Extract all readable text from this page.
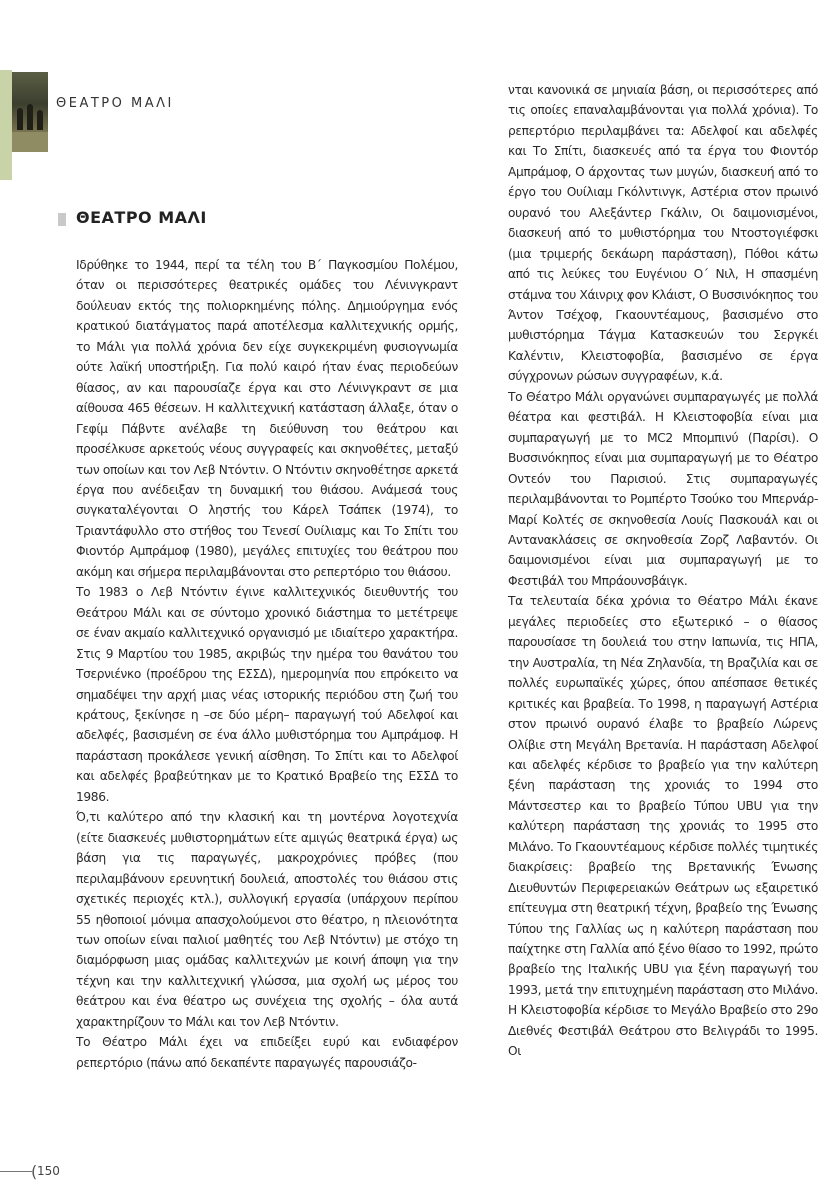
ΘΕΑΤΡΟ ΜΑΛΙ
ΘΕΑΤΡΟ ΜΑΛΙ

Ιδρύθηκε το 1944, περί τα τέλη του Β΄ Παγκοσμίου Πολέμου, όταν οι περισσότερες θεατρικές ομάδες του Λένινγκραντ δούλευαν εκτός της πολιορκημένης πόλης. Δημιούργημα ενός κρατικού διατάγματος παρά αποτέλεσμα καλλιτεχνικής ορμής, το Μάλι για πολλά χρόνια δεν είχε συγκεκριμένη φυσιογνωμία ούτε λαϊκή υποστήριξη. Για πολύ καιρό ήταν ένας περιοδεύων θίασος, αν και παρουσίαζε έργα και στο Λένινγκραντ σε μια αίθουσα 465 θέσεων. Η καλλιτεχνική κατάσταση άλλαξε, όταν ο Γεφίμ Πάβντε ανέλαβε τη διεύθυνση του θεάτρου και προσέλκυσε αρκετούς νέους συγγραφείς και σκηνοθέτες, μεταξύ των οποίων και τον Λεβ Ντόντιν. Ο Ντόντιν σκηνοθέτησε αρκετά έργα που ανέδειξαν τη δυναμική του θιάσου. Ανάμεσά τους συγκαταλέγονται Ο ληστής του Κάρελ Τσάπεκ (1974), το Τριαντάφυλλο στο στήθος του Τενεσί Ουίλιαμς και Το Σπίτι του Φιοντόρ Αμπράμοφ (1980), μεγάλες επιτυχίες του θεάτρου που ακόμη και σήμερα περιλαμβάνονται στο ρεπερτόριο του θιάσου.

Το 1983 ο Λεβ Ντόντιν έγινε καλλιτεχνικός διευθυντής του Θεάτρου Μάλι και σε σύντομο χρονικό διάστημα το μετέτρεψε σε έναν ακμαίο καλλιτεχνικό οργανισμό με ιδιαίτερο χαρακτήρα. Στις 9 Μαρτίου του 1985, ακριβώς την ημέρα του θανάτου του Τσερνιένκο (προέδρου της ΕΣΣΔ), ημερομηνία που επρόκειτο να σημαδέψει την αρχή μιας νέας ιστορικής περιόδου στη ζωή του κράτους, ξεκίνησε η –σε δύο μέρη– παραγωγή τού Αδελφοί και αδελφές, βασισμένη σε ένα άλλο μυθιστόρημα του Αμπράμοφ. Η παράσταση προκάλεσε γενική αίσθηση. Το Σπίτι και το Αδελφοί και αδελφές βραβεύτηκαν με το Κρατικό Βραβείο της ΕΣΣΔ το 1986.

Ό,τι καλύτερο από την κλασική και τη μοντέρνα λογοτεχνία (είτε διασκευές μυθιστορημάτων είτε αμιγώς θεατρικά έργα) ως βάση για τις παραγωγές, μακροχρόνιες πρόβες (που περιλαμβάνουν ερευνητική δουλειά, αποστολές του θιάσου στις σχετικές περιοχές κτλ.), συλλογική εργασία (υπάρχουν περίπου 55 ηθοποιοί μόνιμα απασχολούμενοι στο θέατρο, η πλειονότητα των οποίων είναι παλιοί μαθητές του Λεβ Ντόντιν) με στόχο τη διαμόρφωση μιας ομάδας καλλιτεχνών με κοινή άποψη για την τέχνη και την καλλιτεχνική γλώσσα, μια σχολή ως μέρος του θεάτρου και ένα θέατρο ως συνέχεια της σχολής – όλα αυτά χαρακτηρίζουν το Μάλι και τον Λεβ Ντόντιν.

Το Θέατρο Μάλι έχει να επιδείξει ευρύ και ενδιαφέρον ρεπερτόριο (πάνω από δεκαπέντε παραγωγές παρουσιάζο-

νται κανονικά σε μηνιαία βάση, οι περισσότερες από τις οποίες επαναλαμβάνονται για πολλά χρόνια). Το ρεπερτόριο περιλαμβάνει τα: Αδελφοί και αδελφές και Το Σπίτι, διασκευές από τα έργα του Φιοντόρ Αμπράμοφ, Ο άρχοντας των μυγών, διασκευή από το έργο του Ουίλιαμ Γκόλντινγκ, Αστέρια στον πρωινό ουρανό του Αλεξάντερ Γκάλιν, Οι δαιμονισμένοι, διασκευή από το μυθιστόρημα του Ντοστογιέφσκι (μια τριμερής δεκάωρη παράσταση), Πόθοι κάτω από τις λεύκες του Ευγένιου Ο΄ Νιλ, Η σπασμένη στάμνα του Χάινριχ φον Κλάιστ, Ο Βυσσινόκηπος του Άντον Τσέχοφ, Γκαουντέαμους, βασισμένο στο μυθιστόρημα Τάγμα Κατασκευών του Σεργκέι Καλέντιν, Κλειστοφοβία, βασισμένο σε έργα σύγχρονων ρώσων συγγραφέων, κ.ά.

Το Θέατρο Μάλι οργανώνει συμπαραγωγές με πολλά θέατρα και φεστιβάλ. Η Κλειστοφοβία είναι μια συμπαραγωγή με το MC2 Μπομπινύ (Παρίσι). Ο Βυσσινόκηπος είναι μια συμπαραγωγή με το Θέατρο Οντεόν του Παρισιού. Στις συμπαραγωγές περιλαμβάνονται το Ρομπέρτο Τσούκο του Μπερνάρ-Μαρί Κολτές σε σκηνοθεσία Λουίς Πασκουάλ και οι Αντανακλάσεις σε σκηνοθεσία Ζορζ Λαβαντόν. Οι δαιμονισμένοι είναι μια συμπαραγωγή με το Φεστιβάλ του Μπράουνσβάιγκ.

Τα τελευταία δέκα χρόνια το Θέατρο Μάλι έκανε μεγάλες περιοδείες στο εξωτερικό – ο θίασος παρουσίασε τη δουλειά του στην Ιαπωνία, τις ΗΠΑ, την Αυστραλία, τη Νέα Ζηλανδία, τη Βραζιλία και σε πολλές ευρωπαϊκές χώρες, όπου απέσπασε θετικές κριτικές και βραβεία. Το 1998, η παραγωγή Αστέρια στον πρωινό ουρανό έλαβε το βραβείο Λώρενς Ολίβιε στη Μεγάλη Βρετανία. Η παράσταση Αδελφοί και αδελφές κέρδισε το βραβείο για την καλύτερη ξένη παράσταση της χρονιάς το 1994 στο Μάντσεστερ και το βραβείο Τύπου UBU για την καλύτερη παράσταση της χρονιάς το 1995 στο Μιλάνο. Το Γκαουντέαμους κέρδισε πολλές τιμητικές διακρίσεις: βραβείο της Βρετανικής Ένωσης Διευθυντών Περιφερειακών Θεάτρων ως εξαιρετικό επίτευγμα στη θεατρική τέχνη, βραβείο της Ένωσης Τύπου της Γαλλίας ως η καλύτερη παράσταση που παίχτηκε στη Γαλλία από ξένο θίασο το 1992, πρώτο βραβείο της Ιταλικής UBU για ξένη παραγωγή του 1993, μετά την επιτυχημένη παράσταση στο Μιλάνο. Η Κλειστοφοβία κέρδισε το Μεγάλο Βραβείο στο 29ο Διεθνές Φεστιβάλ Θεάτρου στο Βελιγράδι το 1995. Οι

( 150
